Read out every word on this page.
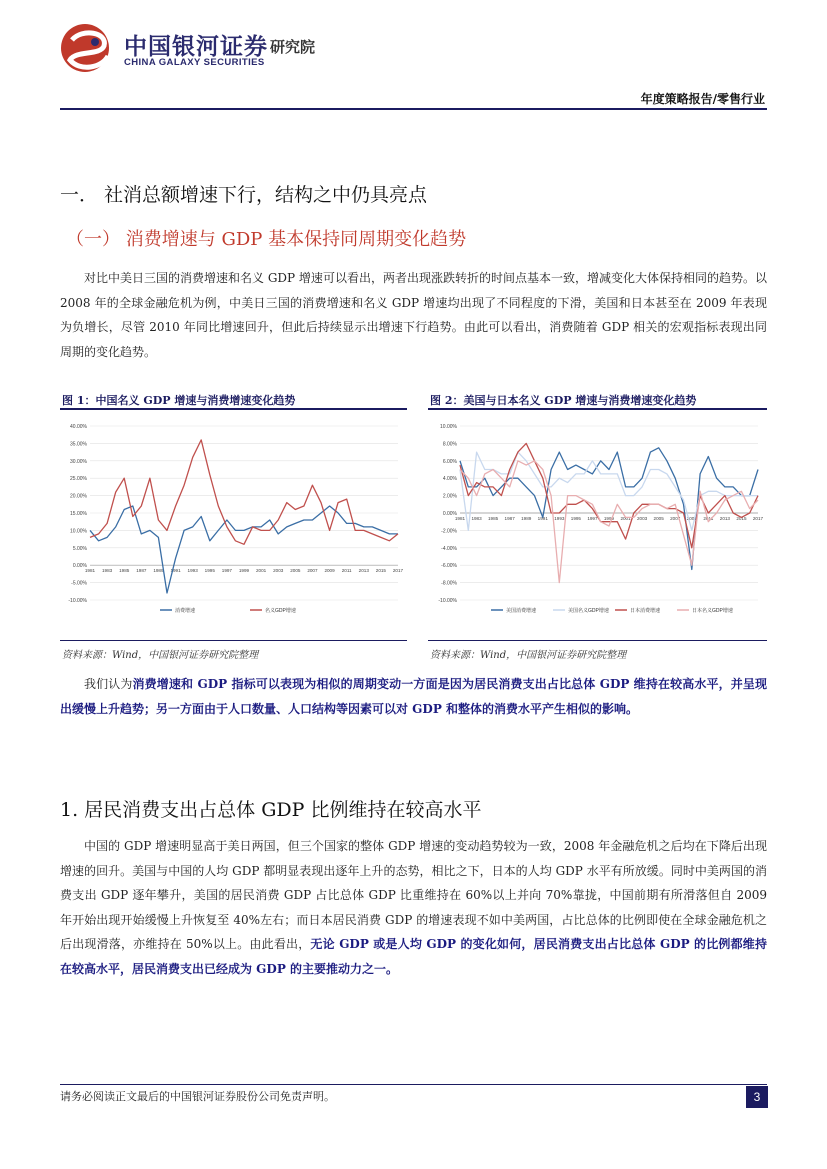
中国银河证券 研究院
CHINA GALAXY SECURITIES
年度策略报告/零售行业
一． 社消总额增速下行，结构之中仍具亮点
（一） 消费增速与 GDP 基本保持同周期变化趋势

对比中美日三国的消费增速和名义 GDP 增速可以看出，两者出现涨跌转折的时间点基本一致，增减变化大体保持相同的趋势。以 2008 年的全球金融危机为例，中美日三国的消费增速和名义 GDP 增速均出现了不同程度的下滑，美国和日本甚至在 2009 年表现为负增长，尽管 2010 年同比增速回升，但此后持续显示出增速下行趋势。由此可以看出，消费随着 GDP 相关的宏观指标表现出同周期的变化趋势。

图 1：中国名义 GDP 增速与消费增速变化趋势
40.00%
35.00%
30.00%
25.00%
20.00%
15.00%
10.00%
5.00%
0.00%
-5.00%
-10.00%
1981 1983 1985 1987 1989 1991 1993 1995 1997 1999 2001 2003 2005 2007 2009 2011 2013 2015 2017
消费增速	名义GDP增速
资料来源：Wind，中国银河证券研究院整理
图 2：美国与日本名义 GDP 增速与消费增速变化趋势
10.00%
8.00%
6.00%
4.00%
2.00%
0.00%
-2.00%
-4.00%
-6.00%
-8.00%
-10.00%
1981 1983 1985 1987 1989 1991 1993 1995 1997 1999 2001 2003 2005 2007 2009 2011 2013 2015 2017
美国消费增速	美国名义GDP增速	日本消费增速	日本名义GDP增速
资料来源：Wind，中国银河证券研究院整理

我们认为消费增速和 GDP 指标可以表现为相似的周期变动一方面是因为居民消费支出占比总体 GDP 维持在较高水平，并呈现出缓慢上升趋势；另一方面由于人口数量、人口结构等因素可以对 GDP 和整体的消费水平产生相似的影响。

1. 居民消费支出占总体 GDP 比例维持在较高水平

中国的 GDP 增速明显高于美日两国，但三个国家的整体 GDP 增速的变动趋势较为一致，2008 年金融危机之后均在下降后出现增速的回升。美国与中国的人均 GDP 都明显表现出逐年上升的态势，相比之下，日本的人均 GDP 水平有所放缓。同时中美两国的消费支出 GDP 逐年攀升，美国的居民消费 GDP 占比总体 GDP 比重维持在 60%以上并向 70%靠拢，中国前期有所滑落但自 2009 年开始出现开始缓慢上升恢复至 40%左右；而日本居民消费 GDP 的增速表现不如中美两国，占比总体的比例即使在全球金融危机之后出现滑落，亦维持在 50%以上。由此看出，无论 GDP 或是人均 GDP 的变化如何，居民消费支出占比总体 GDP 的比例都维持在较高水平，居民消费支出已经成为 GDP 的主要推动力之一。

请务必阅读正文最后的中国银河证券股份公司免责声明。	3
